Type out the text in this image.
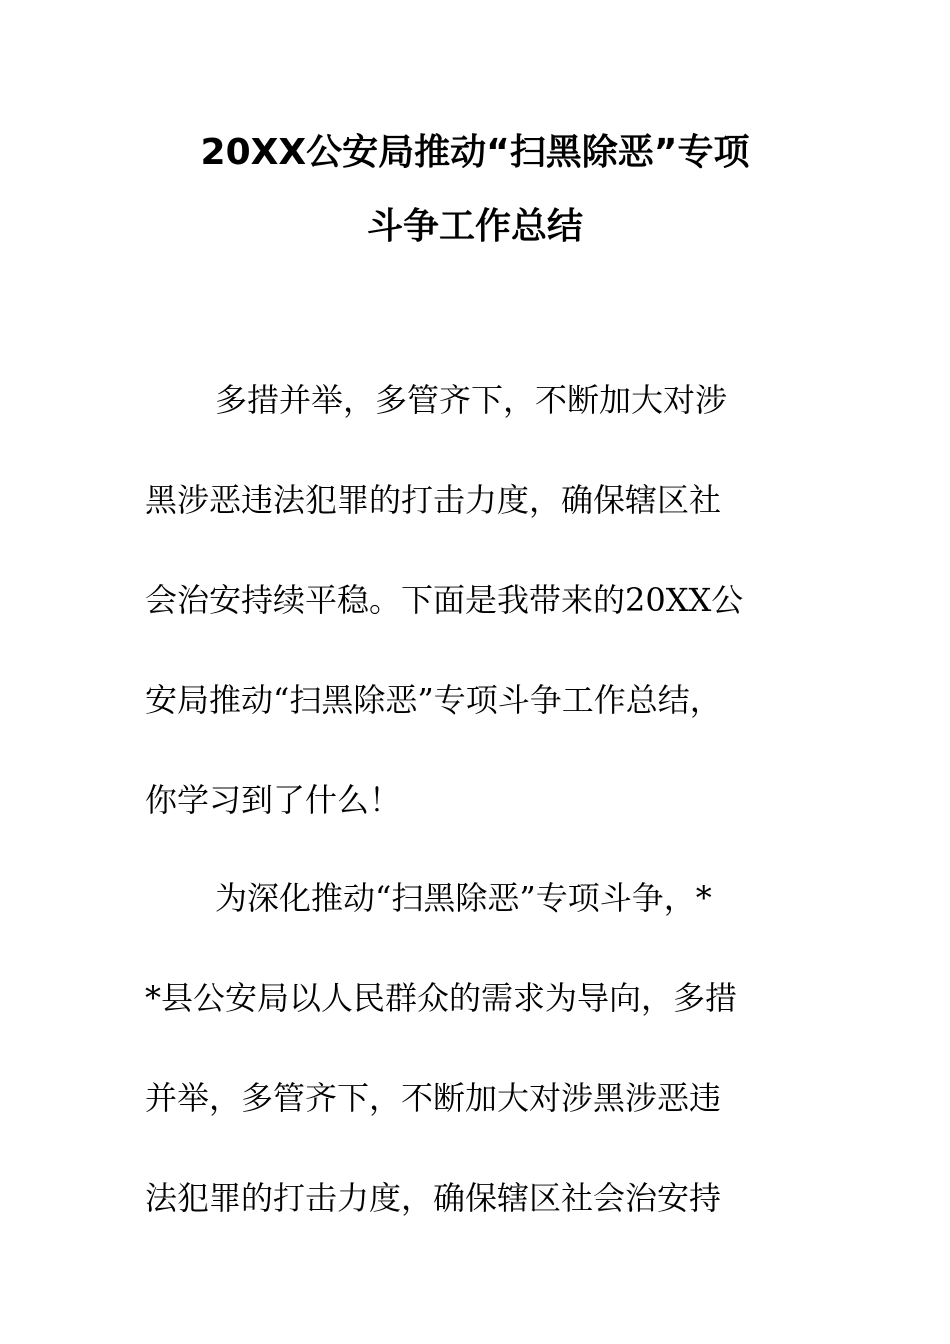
20XX公安局推动“扫黑除恶”专项
斗争工作总结
多措并举，多管齐下，不断加大对涉
黑涉恶违法犯罪的打击力度，确保辖区社
会治安持续平稳。下面是我带来的20XX公
安局推动“扫黑除恶”专项斗争工作总结，
你学习到了什么！
为深化推动“扫黑除恶”专项斗争，*
*县公安局以人民群众的需求为导向，多措
并举，多管齐下，不断加大对涉黑涉恶违
法犯罪的打击力度，确保辖区社会治安持
